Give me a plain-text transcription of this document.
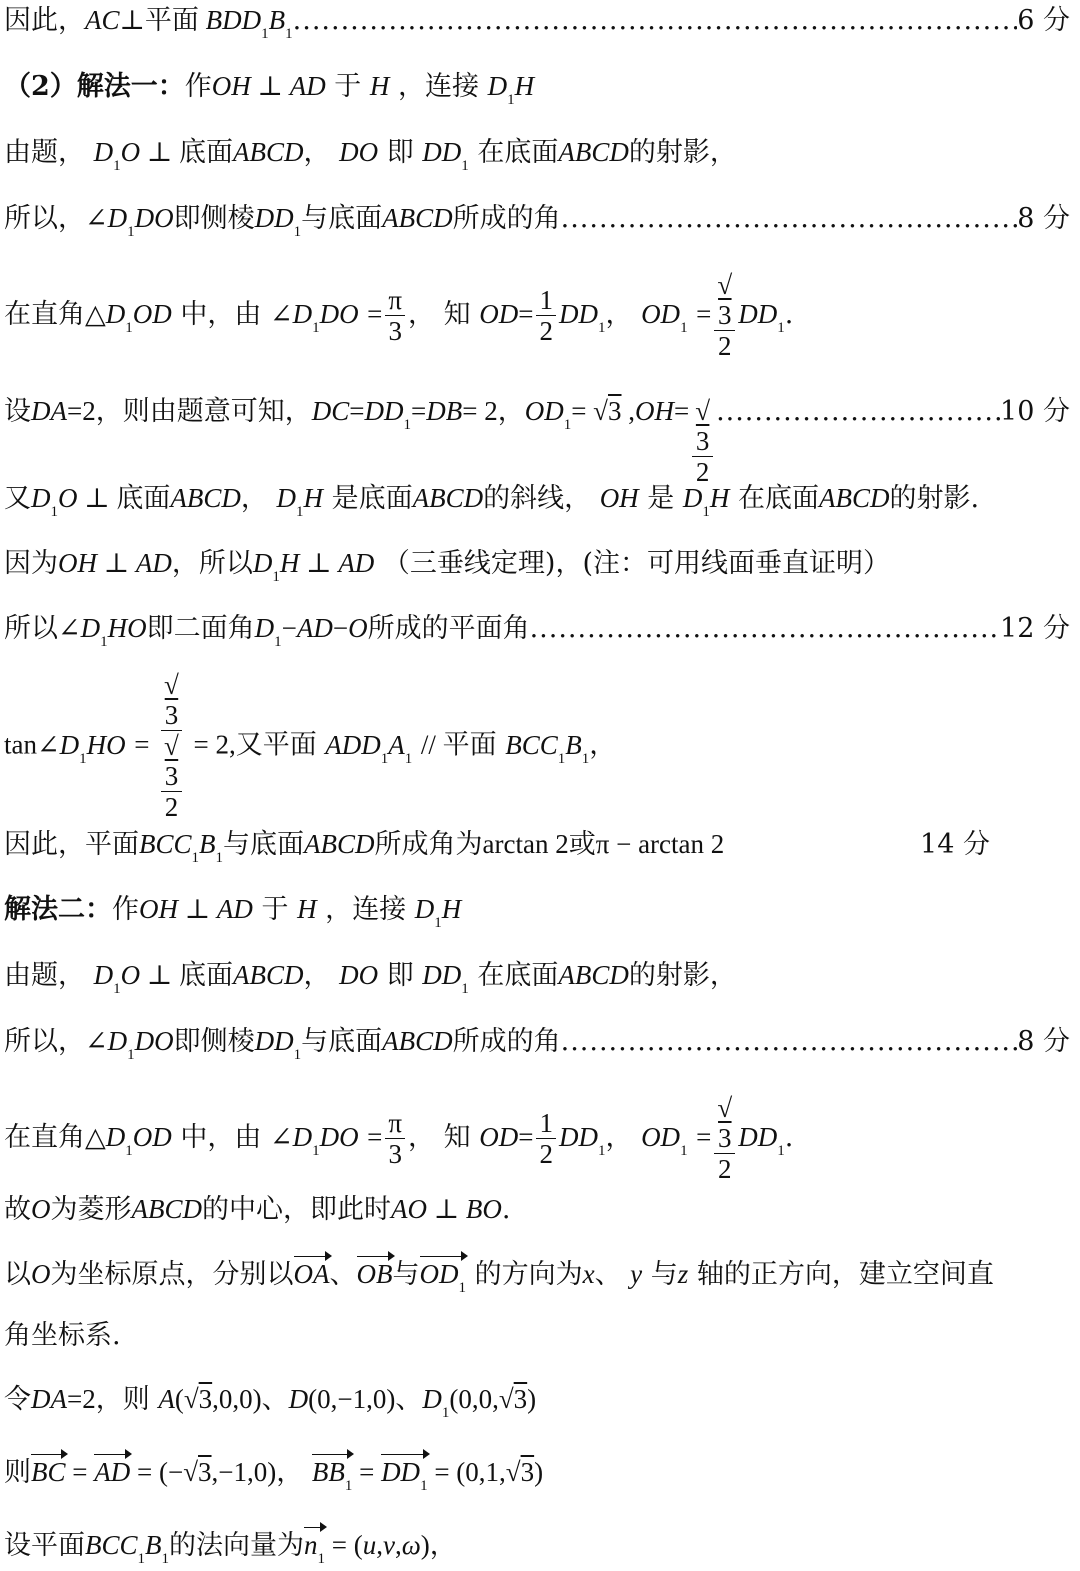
因此， AC ⊥ 平面 $BDD_1B_1$ .....	6 分
（2）解法一：作OH ⊥ AD 于 H ，连接 $D_1H$
由题， $D_1O$ ⊥ 底面ABCD， DO 即 $DD_1$ 在底面ABCD的射影，
所以， $\angle D_1DO$ 即侧棱 $DD_1$ 与底面 ABCD 所成的角 .....	8 分
在直角$\triangle D_1OD$ 中，由 $\angle D_1DO = \frac{\pi}{3}$ ， 知 $OD= \frac{1}{2} DD_1$， $OD_1$ = √
3
2 $DD_1$.
设 DA =2 ，则由题意可知， DC = $DD_1$ = DB = 2 ， $OD_1 = √3$ , OH = √
3
2 .....	10 分
又$D_1O$ ⊥ 底面ABCD， $D_1H$ 是底面ABCD的斜线， OH 是 $D_1H$ 在底面ABCD的射影.
因为OH ⊥ AD，所以$D_1H$ ⊥ AD （三垂线定理)，(注：可用线面垂直证明）
所以 $\angle D_1HO$ 即二面角 $D_1$ − AD − O 所成的平面角 .....	12 分
$\tan\angle D_1HO$ = √
3
√
3
2 = 2,又平面 $ADD_1A_1$ // 平面 $BCC_1B_1$，
因此， 平面 $BCC_1B_1$ 与底面 ABCD 所成角为 arctan 2 或 π − arctan 2	14 分
解法二：作OH ⊥ AD 于 H ，连接 $D_1H$
由题， $D_1O$ ⊥ 底面ABCD， DO 即 $DD_1$ 在底面ABCD的射影，
所以， $\angle D_1DO$ 即侧棱 $DD_1$ 与底面 ABCD 所成的角 .....	8 分
在直角$\triangle D_1OD$ 中，由 $\angle D_1DO = \frac{\pi}{3}$ ， 知 $OD= \frac{1}{2} DD_1$， $OD_1$ = √
3
2 $DD_1$.
故O为菱形ABCD的中心，即此时AO ⊥ BO.
以O为坐标原点，分别以OA、OB与$OD_1$ 的方向为x、 y 与z 轴的正方向，建立空间直
角坐标系.
令DA=2，则 A(√3,0,0)、D(0,−1,0)、$D_1(0,0,√3)$
则BC = AD = (−√3,−1,0)， $BB_1 = DD_1 = (0,1,√3)$
设平面$BCC_1B_1$的法向量为$n_1 = (u,v,\omega)$，
